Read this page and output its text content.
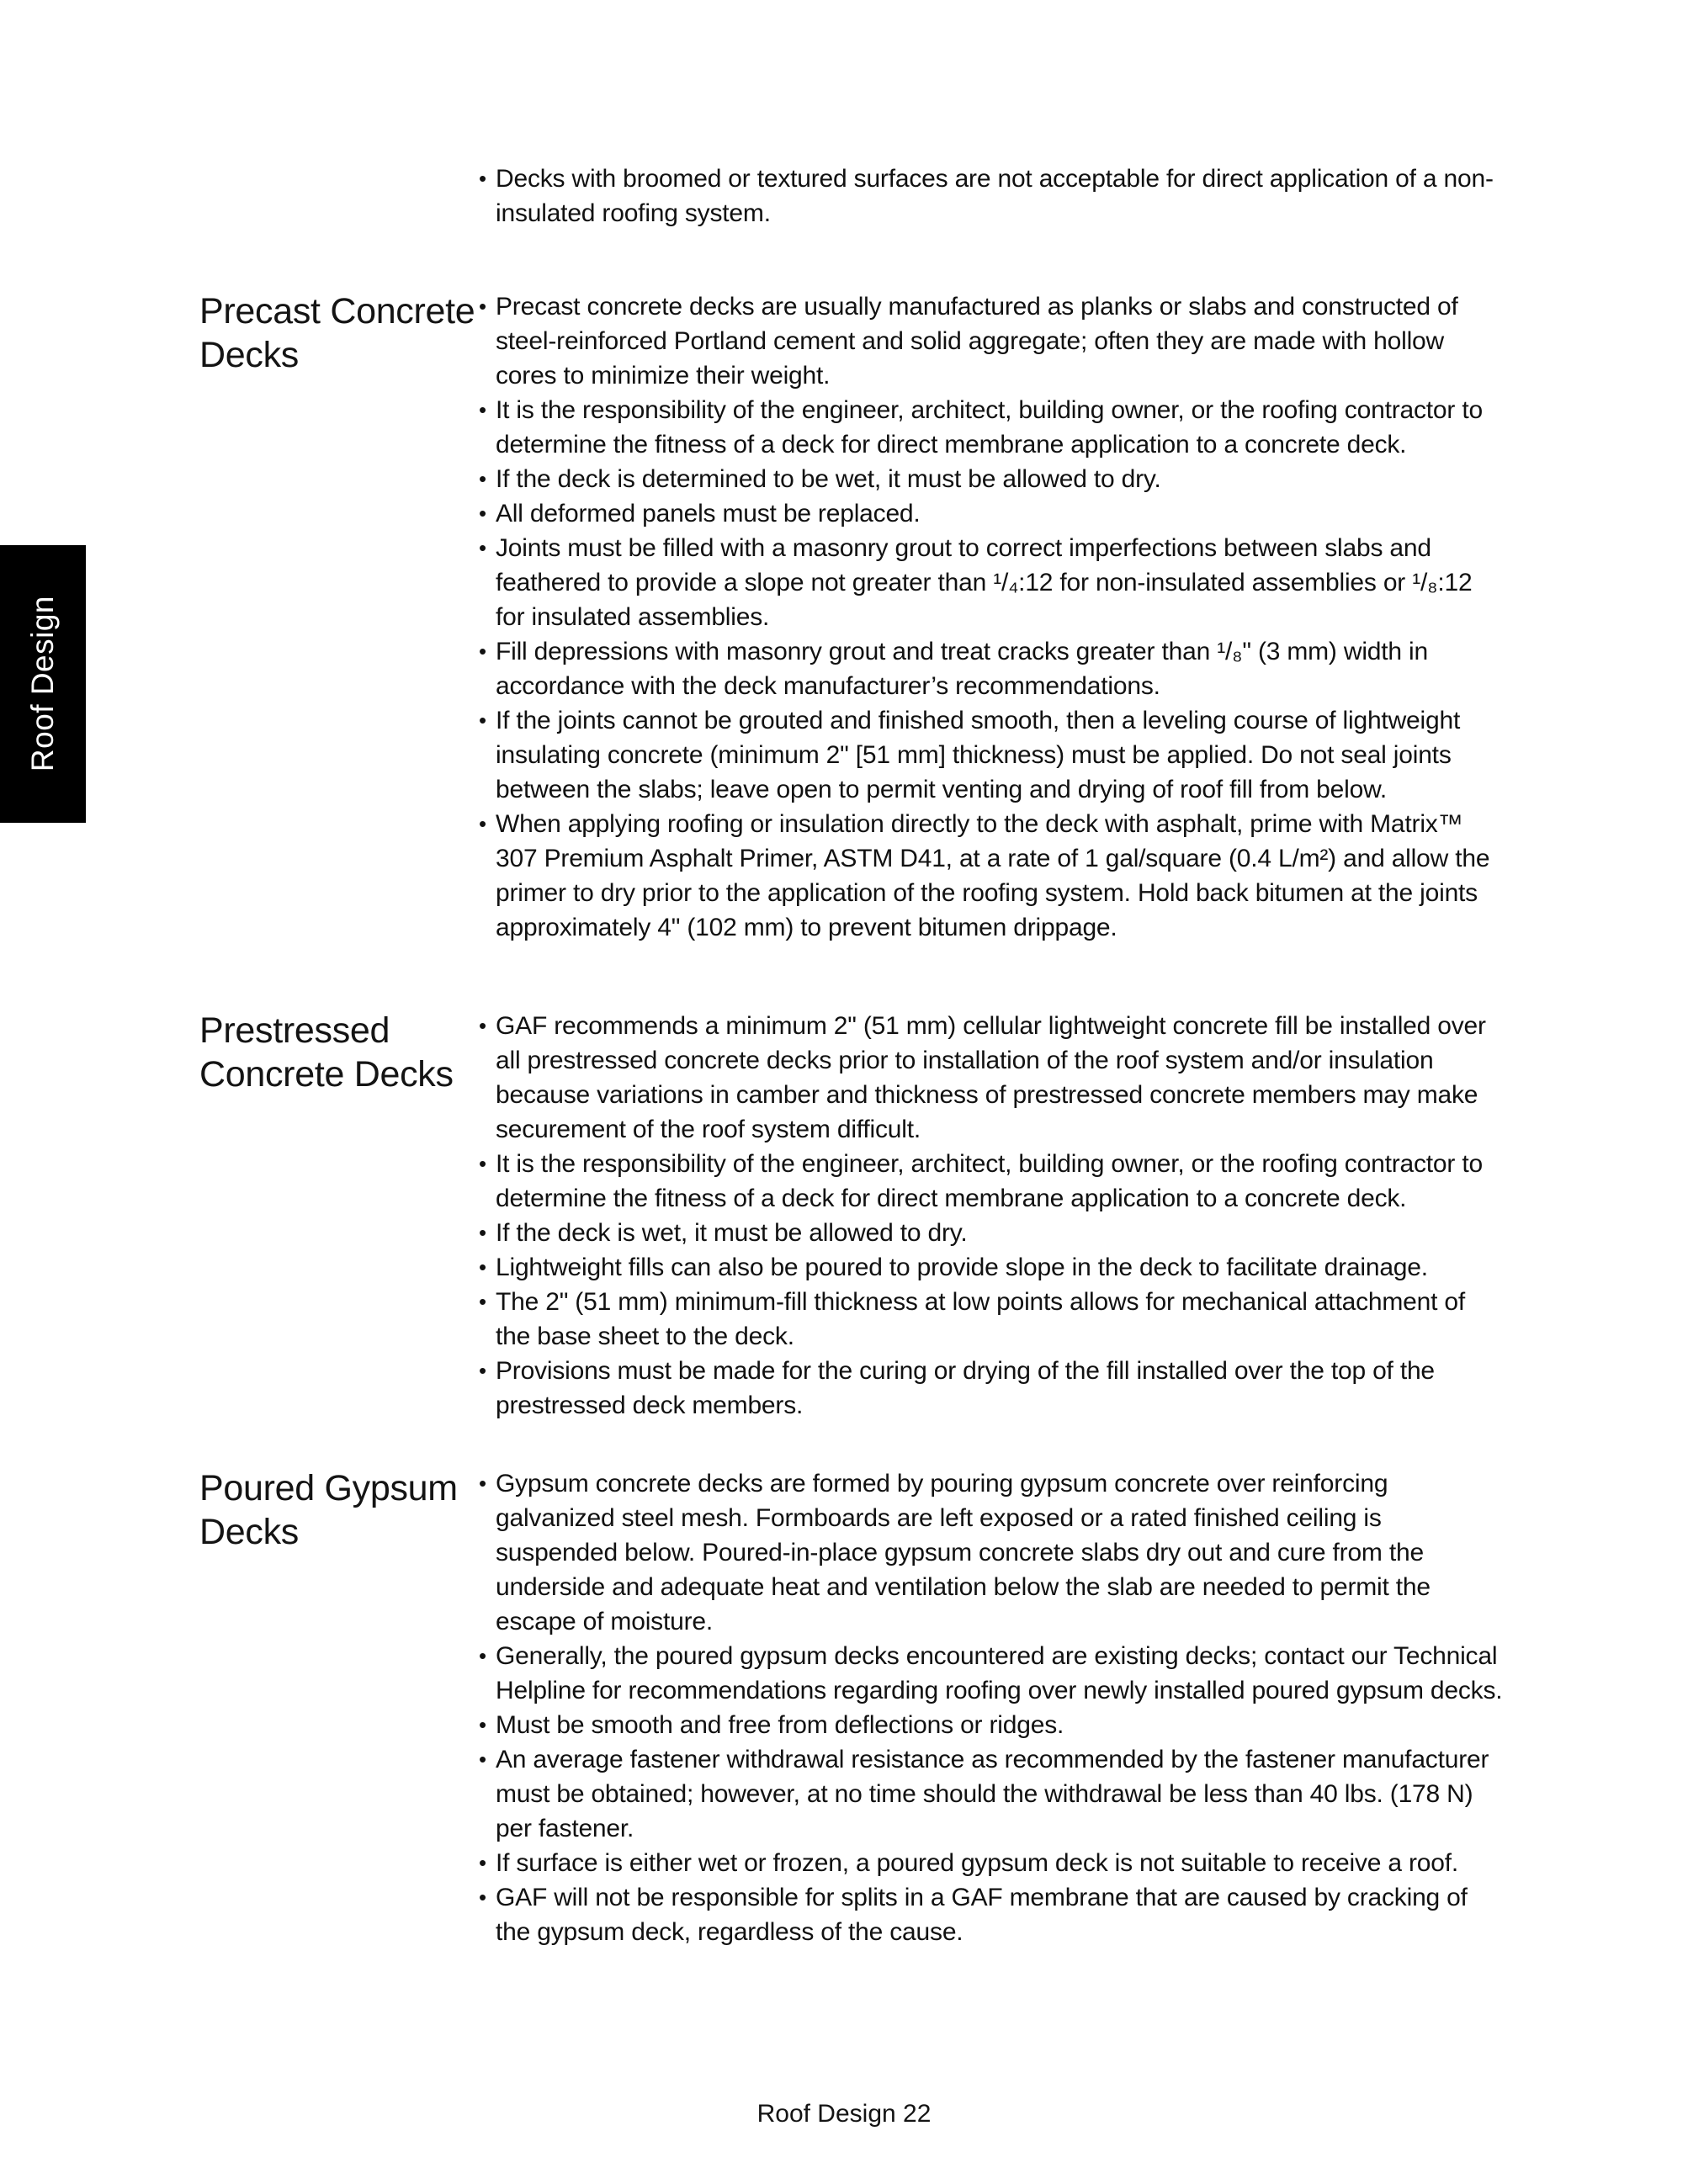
Roof Design
• Decks with broomed or textured surfaces are not acceptable for direct application of a non-insulated roofing system.
Precast Concrete Decks
• Precast concrete decks are usually manufactured as planks or slabs and constructed of steel-reinforced Portland cement and solid aggregate; often they are made with hollow cores to minimize their weight.
• It is the responsibility of the engineer, architect, building owner, or the roofing contractor to determine the fitness of a deck for direct membrane application to a concrete deck.
• If the deck is determined to be wet, it must be allowed to dry.
• All deformed panels must be replaced.
• Joints must be filled with a masonry grout to correct imperfections between slabs and feathered to provide a slope not greater than ¹/₄:12 for non-insulated assemblies or ¹/₈:12 for insulated assemblies.
• Fill depressions with masonry grout and treat cracks greater than ¹/₈" (3 mm) width in accordance with the deck manufacturer’s recommendations.
• If the joints cannot be grouted and finished smooth, then a leveling course of lightweight insulating concrete (minimum 2" [51 mm] thickness) must be applied. Do not seal joints between the slabs; leave open to permit venting and drying of roof fill from below.
• When applying roofing or insulation directly to the deck with asphalt, prime with Matrix™ 307 Premium Asphalt Primer, ASTM D41, at a rate of 1 gal/square (0.4 L/m²) and allow the primer to dry prior to the application of the roofing system. Hold back bitumen at the joints approximately 4" (102 mm) to prevent bitumen drippage.
Prestressed Concrete Decks
• GAF recommends a minimum 2" (51 mm) cellular lightweight concrete fill be installed over all prestressed concrete decks prior to installation of the roof system and/or insulation because variations in camber and thickness of prestressed concrete members may make securement of the roof system difficult.
• It is the responsibility of the engineer, architect, building owner, or the roofing contractor to determine the fitness of a deck for direct membrane application to a concrete deck.
• If the deck is wet, it must be allowed to dry.
• Lightweight fills can also be poured to provide slope in the deck to facilitate drainage.
• The 2" (51 mm) minimum-fill thickness at low points allows for mechanical attachment of the base sheet to the deck.
• Provisions must be made for the curing or drying of the fill installed over the top of the prestressed deck members.
Poured Gypsum Decks
• Gypsum concrete decks are formed by pouring gypsum concrete over reinforcing galvanized steel mesh. Formboards are left exposed or a rated finished ceiling is suspended below. Poured-in-place gypsum concrete slabs dry out and cure from the underside and adequate heat and ventilation below the slab are needed to permit the escape of moisture.
• Generally, the poured gypsum decks encountered are existing decks; contact our Technical Helpline for recommendations regarding roofing over newly installed poured gypsum decks.
• Must be smooth and free from deflections or ridges.
• An average fastener withdrawal resistance as recommended by the fastener manufacturer must be obtained; however, at no time should the withdrawal be less than 40 lbs. (178 N) per fastener.
• If surface is either wet or frozen, a poured gypsum deck is not suitable to receive a roof.
• GAF will not be responsible for splits in a GAF membrane that are caused by cracking of the gypsum deck, regardless of the cause.
Roof Design 22
